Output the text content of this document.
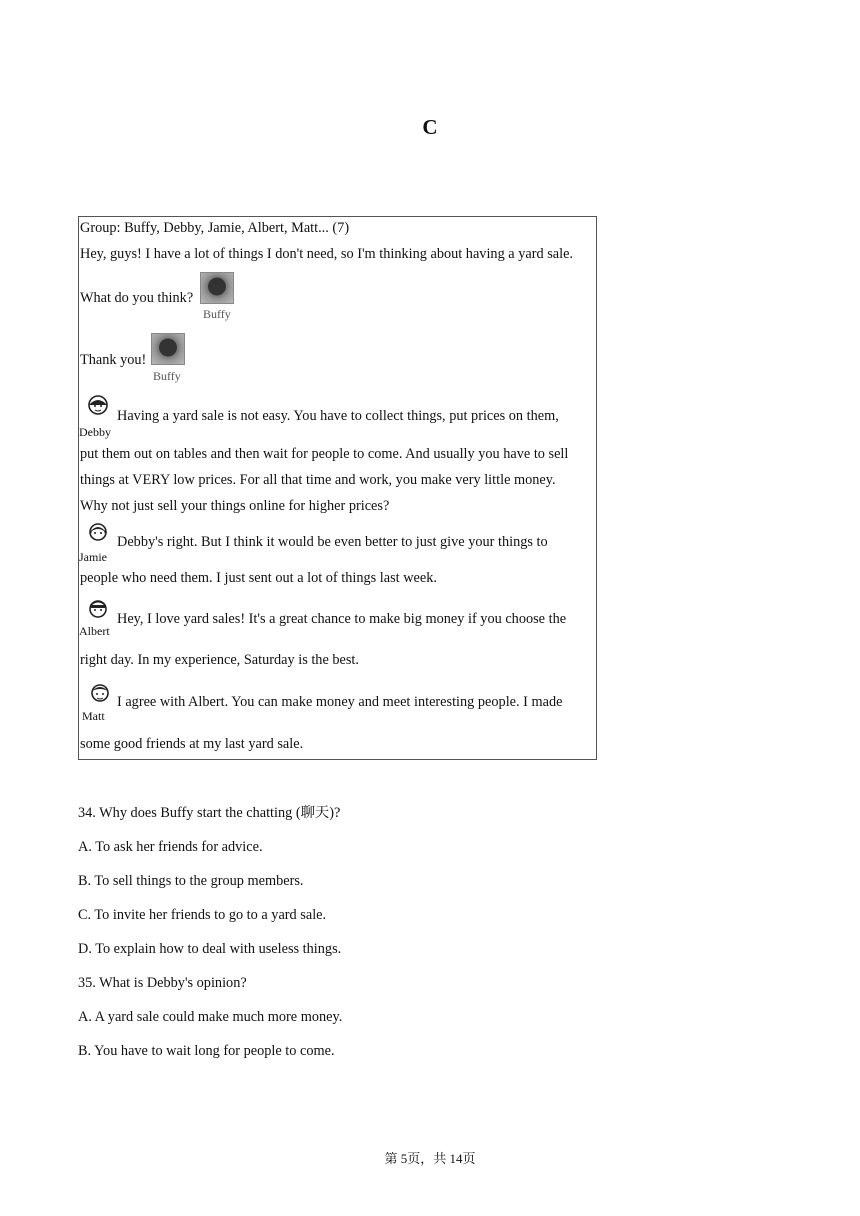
C
Group: Buffy, Debby, Jamie, Albert, Matt... (7)
Hey, guys! I have a lot of things I don't need, so I'm thinking about having a yard sale.
What do you think?
Buffy
Thank you!
Buffy
Debby
Having a yard sale is not easy. You have to collect things, put prices on them,
put them out on tables and then wait for people to come. And usually you have to sell
things at VERY low prices. For all that time and work, you make very little money.
Why not just sell your things online for higher prices?
Jamie
Debby's right. But I think it would be even better to just give your things to
people who need them. I just sent out a lot of things last week.
Albert
Hey, I love yard sales! It's a great chance to make big money if you choose the
right day. In my experience, Saturday is the best.
Matt
I agree with Albert. You can make money and meet interesting people. I made
some good friends at my last yard sale.
34. Why does Buffy start the chatting (聊天)?
A. To ask her friends for advice.
B. To sell things to the group members.
C. To invite her friends to go to a yard sale.
D. To explain how to deal with useless things.
35. What is Debby's opinion?
A. A yard sale could make much more money.
B. You have to wait long for people to come.
第 5页，共 14页
